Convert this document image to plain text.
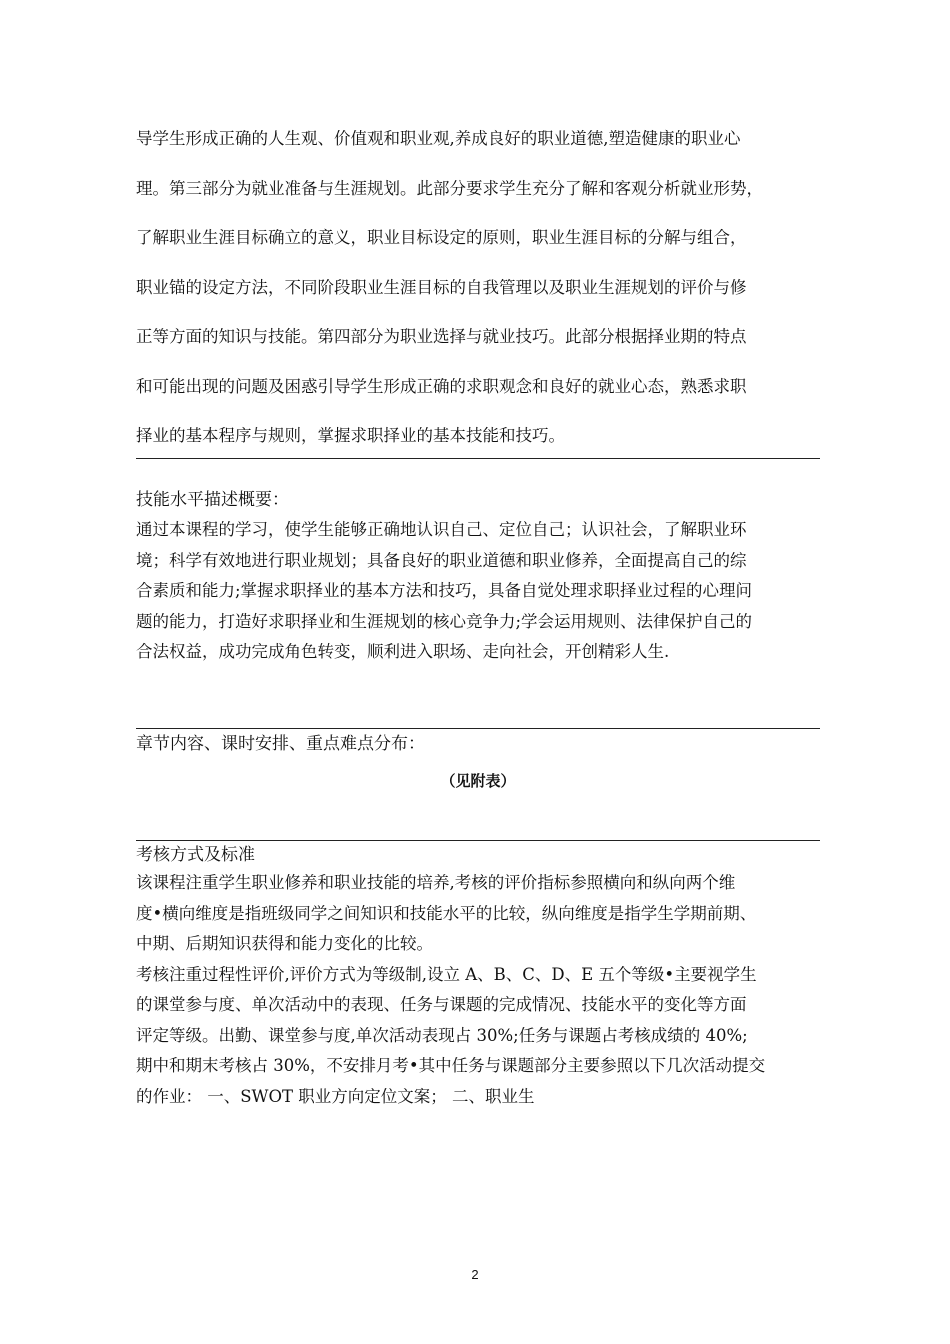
导学生形成正确的人生观、价值观和职业观,养成良好的职业道德,塑造健康的职业心
理。第三部分为就业准备与生涯规划。此部分要求学生充分了解和客观分析就业形势，
了解职业生涯目标确立的意义，职业目标设定的原则，职业生涯目标的分解与组合，
职业锚的设定方法，不同阶段职业生涯目标的自我管理以及职业生涯规划的评价与修
正等方面的知识与技能。第四部分为职业选择与就业技巧。此部分根据择业期的特点
和可能出现的问题及困惑引导学生形成正确的求职观念和良好的就业心态，熟悉求职
择业的基本程序与规则，掌握求职择业的基本技能和技巧。
技能水平描述概要：
通过本课程的学习，使学生能够正确地认识自己、定位自己；认识社会，了解职业环
境；科学有效地进行职业规划；具备良好的职业道德和职业修养，全面提高自己的综
合素质和能力;掌握求职择业的基本方法和技巧，具备自觉处理求职择业过程的心理问
题的能力，打造好求职择业和生涯规划的核心竞争力;学会运用规则、法律保护自己的
合法权益，成功完成角色转变，顺利进入职场、走向社会，开创精彩人生.
章节内容、课时安排、重点难点分布：
（见附表）
考核方式及标准
该课程注重学生职业修养和职业技能的培养,考核的评价指标参照横向和纵向两个维
度•横向维度是指班级同学之间知识和技能水平的比较，纵向维度是指学生学期前期、
中期、后期知识获得和能力变化的比较。
考核注重过程性评价,评价方式为等级制,设立 A、B、C、D、E 五个等级•主要视学生
的课堂参与度、单次活动中的表现、任务与课题的完成情况、技能水平的变化等方面
评定等级。出勤、课堂参与度,单次活动表现占 30%;任务与课题占考核成绩的 40%;
期中和期末考核占 30%，不安排月考•其中任务与课题部分主要参照以下几次活动提交
的作业： 一、SWOT 职业方向定位文案； 二、职业生
2
